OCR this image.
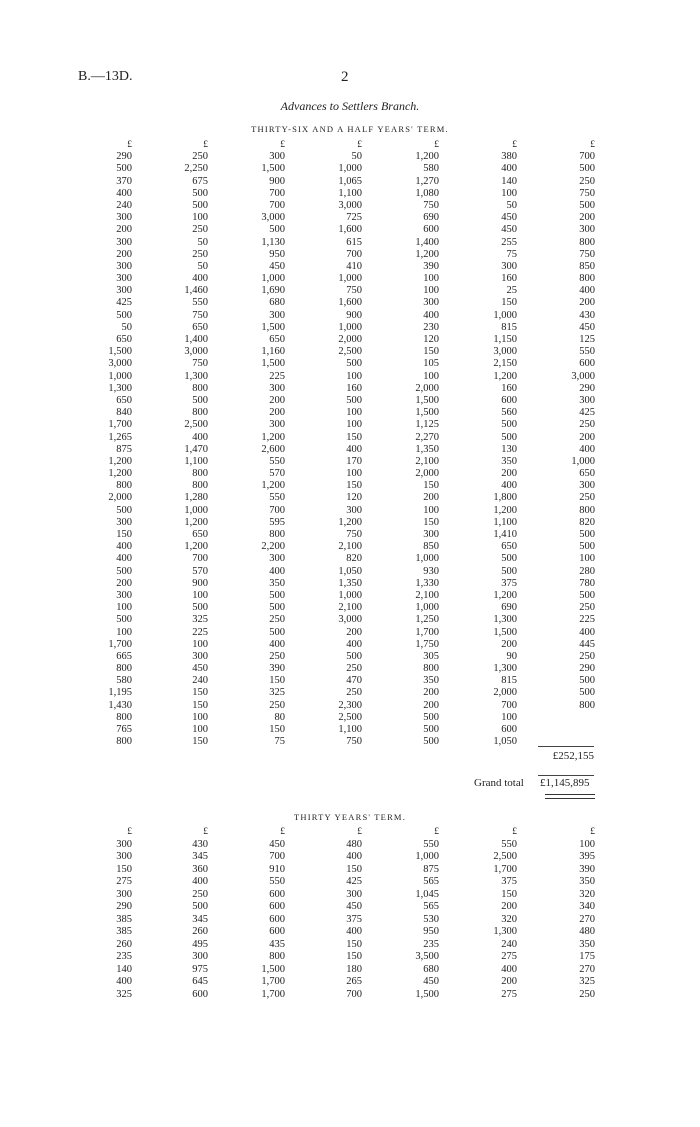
B.—13D.	2
Advances to Settlers Branch.
THIRTY-SIX AND A HALF YEARS' TERM.
£
290
500
370
400
240
300
200
300
200
300
300
300
425
500
50
650
1,500
3,000
1,000
1,300
650
840
1,700
1,265
875
1,200
1,200
800
2,000
500
300
150
400
400
500
200
300
100
500
100
1,700
665
800
580
1,195
1,430
800
765
800
£
250
2,250
675
500
500
100
250
50
250
50
400
1,460
550
750
650
1,400
3,000
750
1,300
800
500
800
2,500
400
1,470
1,100
800
800
1,280
1,000
1,200
650
1,200
700
570
900
100
500
325
225
100
300
450
240
150
150
100
100
150
£
300
1,500
900
700
700
3,000
500
1,130
950
450
1,000
1,690
680
300
1,500
650
1,160
1,500
225
300
200
200
300
1,200
2,600
550
570
1,200
550
700
595
800
2,200
300
400
350
500
500
250
500
400
250
390
150
325
250
80
150
75
£
50
1,000
1,065
1,100
3,000
725
1,600
615
700
410
1,000
750
1,600
900
1,000
2,000
2,500
500
100
160
500
100
100
150
400
170
100
150
120
300
1,200
750
2,100
820
1,050
1,350
1,000
2,100
3,000
200
400
500
250
470
250
2,300
2,500
1,100
750
£
1,200
580
1,270
1,080
750
690
600
1,400
1,200
390
100
100
300
400
230
120
150
105
100
2,000
1,500
1,500
1,125
2,270
1,350
2,100
2,000
150
200
100
150
300
850
1,000
930
1,330
2,100
1,000
1,250
1,700
1,750
305
800
350
200
200
500
500
500
£
380
400
140
100
50
450
450
255
75
300
160
25
150
1,000
815
1,150
3,000
2,150
1,200
160
600
560
500
500
130
350
200
400
1,800
1,200
1,100
1,410
650
500
500
375
1,200
690
1,300
1,500
200
90
1,300
815
2,000
700
100
600
1,050
£
700
500
250
750
500
200
300
800
750
850
800
400
200
430
450
125
550
600
3,000
290
300
425
250
200
400
1,000
650
300
250
800
820
500
500
100
280
780
500
250
225
400
445
250
290
500
500
800
£252,155
Grand total £1,145,895
THIRTY YEARS' TERM.
£
300
300
150
275
300
290
385
385
260
235
140
400
325
£
430
345
360
400
250
500
345
260
495
300
975
645
600
£
450
700
910
550
600
600
600
600
435
800
1,500
1,700
1,700
£
480
400
150
425
300
450
375
400
150
150
180
265
700
£
550
1,000
875
565
1,045
565
530
950
235
3,500
680
450
1,500
£
550
2,500
1,700
375
150
200
320
1,300
240
275
400
200
275
£
100
395
390
350
320
340
270
480
350
175
270
325
250
